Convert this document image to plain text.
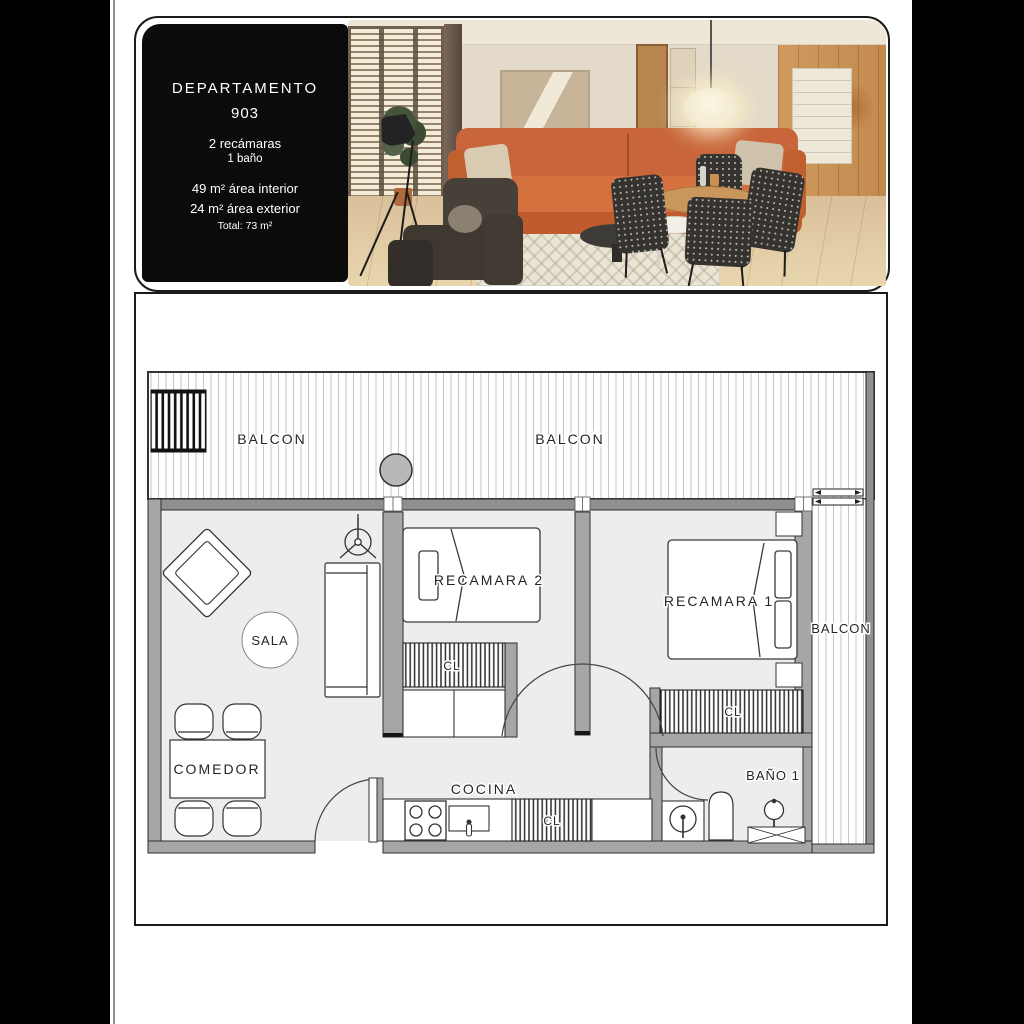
DEPARTAMENTO
903
2 recámaras
1 baño
49 m² área interior
24 m² área exterior
Total: 73 m²
SALA
COMEDOR
RECAMARA 2
CL
RECAMARA 1
CL
COCINA
CL
BAÑO 1
BALCON	BALCON
BALCON
